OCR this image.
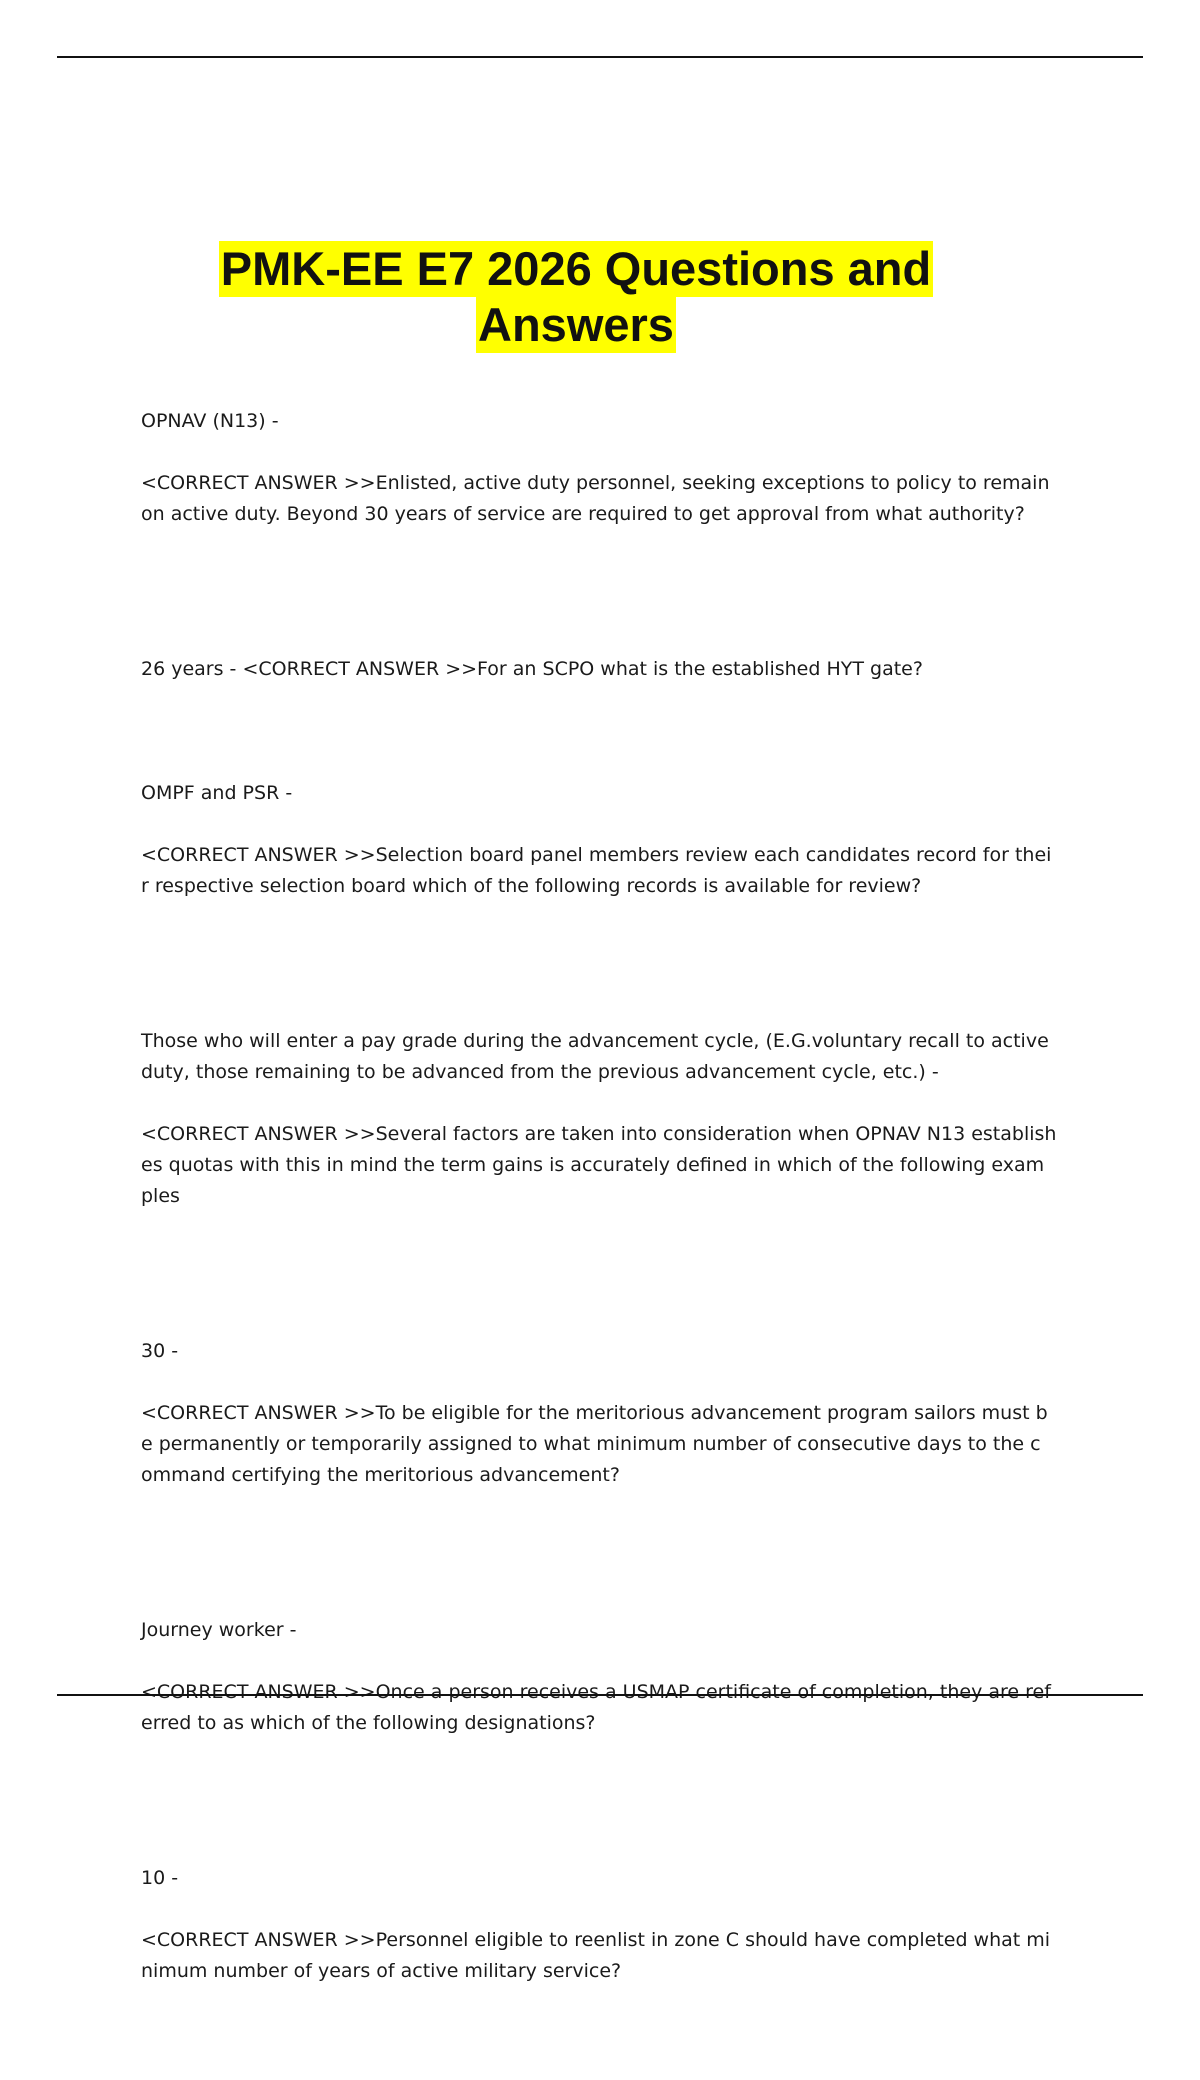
PMK-EE E7 2026 Questions and
Answers

OPNAV (N13) -

<CORRECT ANSWER >>Enlisted, active duty personnel, seeking exceptions to policy to remain
on active duty. Beyond 30 years of service are required to get approval from what authority?

26 years - <CORRECT ANSWER >>For an SCPO what is the established HYT gate?

OMPF and PSR -

<CORRECT ANSWER >>Selection board panel members review each candidates record for thei
r respective selection board which of the following records is available for review?

Those who will enter a pay grade during the advancement cycle, (E.G.voluntary recall to active
duty, those remaining to be advanced from the previous advancement cycle, etc.) -

<CORRECT ANSWER >>Several factors are taken into consideration when OPNAV N13 establish
es quotas with this in mind the term gains is accurately defined in which of the following exam
ples

30 -

<CORRECT ANSWER >>To be eligible for the meritorious advancement program sailors must b
e permanently or temporarily assigned to what minimum number of consecutive days to the c
ommand certifying the meritorious advancement?

Journey worker -

<CORRECT ANSWER >>Once a person receives a USMAP certificate of completion, they are ref
erred to as which of the following designations?

10 -

<CORRECT ANSWER >>Personnel eligible to reenlist in zone C should have completed what mi
nimum number of years of active military service?
